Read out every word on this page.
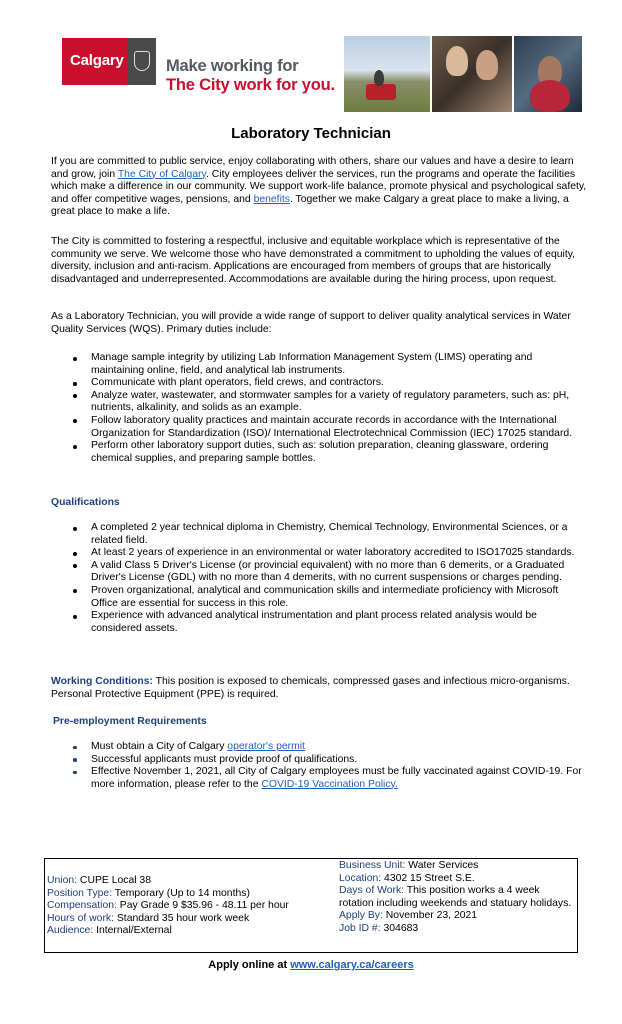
Calgary	Make working for
The City work for you.
Laboratory Technician

If you are committed to public service, enjoy collaborating with others, share our values and have a desire to learn and grow, join The City of Calgary. City employees deliver the services, run the programs and operate the facilities which make a difference in our community. We support work-life balance, promote physical and psychological safety, and offer competitive wages, pensions, and benefits. Together we make Calgary a great place to make a living, a great place to make a life.

The City is committed to fostering a respectful, inclusive and equitable workplace which is representative of the community we serve. We welcome those who have demonstrated a commitment to upholding the values of equity, diversity, inclusion and anti-racism. Applications are encouraged from members of groups that are historically disadvantaged and underrepresented. Accommodations are available during the hiring process, upon request.

As a Laboratory Technician, you will provide a wide range of support to deliver quality analytical services in Water Quality Services (WQS). Primary duties include:

Manage sample integrity by utilizing Lab Information Management System (LIMS) operating and maintaining online, field, and analytical lab instruments.
Communicate with plant operators, field crews, and contractors.
Analyze water, wastewater, and stormwater samples for a variety of regulatory parameters, such as: pH, nutrients, alkalinity, and solids as an example.
Follow laboratory quality practices and maintain accurate records in accordance with the International Organization for Standardization (ISO)/ International Electrotechnical Commission (IEC) 17025 standard.
Perform other laboratory support duties, such as: solution preparation, cleaning glassware, ordering chemical supplies, and preparing sample bottles.
Qualifications
A completed 2 year technical diploma in Chemistry, Chemical Technology, Environmental Sciences, or a related field.
At least 2 years of experience in an environmental or water laboratory accredited to ISO17025 standards.
A valid Class 5 Driver's License (or provincial equivalent) with no more than 6 demerits, or a Graduated Driver's License (GDL) with no more than 4 demerits, with no current suspensions or charges pending.
Proven organizational, analytical and communication skills and intermediate proficiency with Microsoft Office are essential for success in this role.
Experience with advanced analytical instrumentation and plant process related analysis would be considered assets.

Working Conditions: This position is exposed to chemicals, compressed gases and infectious micro-organisms. Personal Protective Equipment (PPE) is required.

Pre-employment Requirements
Must obtain a City of Calgary operator's permit
Successful applicants must provide proof of qualifications.
Effective November 1, 2021, all City of Calgary employees must be fully vaccinated against COVID-19. For more information, please refer to the COVID-19 Vaccination Policy.
Union: CUPE Local 38
Position Type: Temporary (Up to 14 months)
Compensation: Pay Grade 9 $35.96 - 48.11 per hour
Hours of work: Standard 35 hour work week
Audience: Internal/External
Business Unit: Water Services
Location: 4302 15 Street S.E.
Days of Work: This position works a 4 week rotation including weekends and statuary holidays.
Apply By: November 23, 2021
Job ID #: 304683
Apply online at www.calgary.ca/careers
